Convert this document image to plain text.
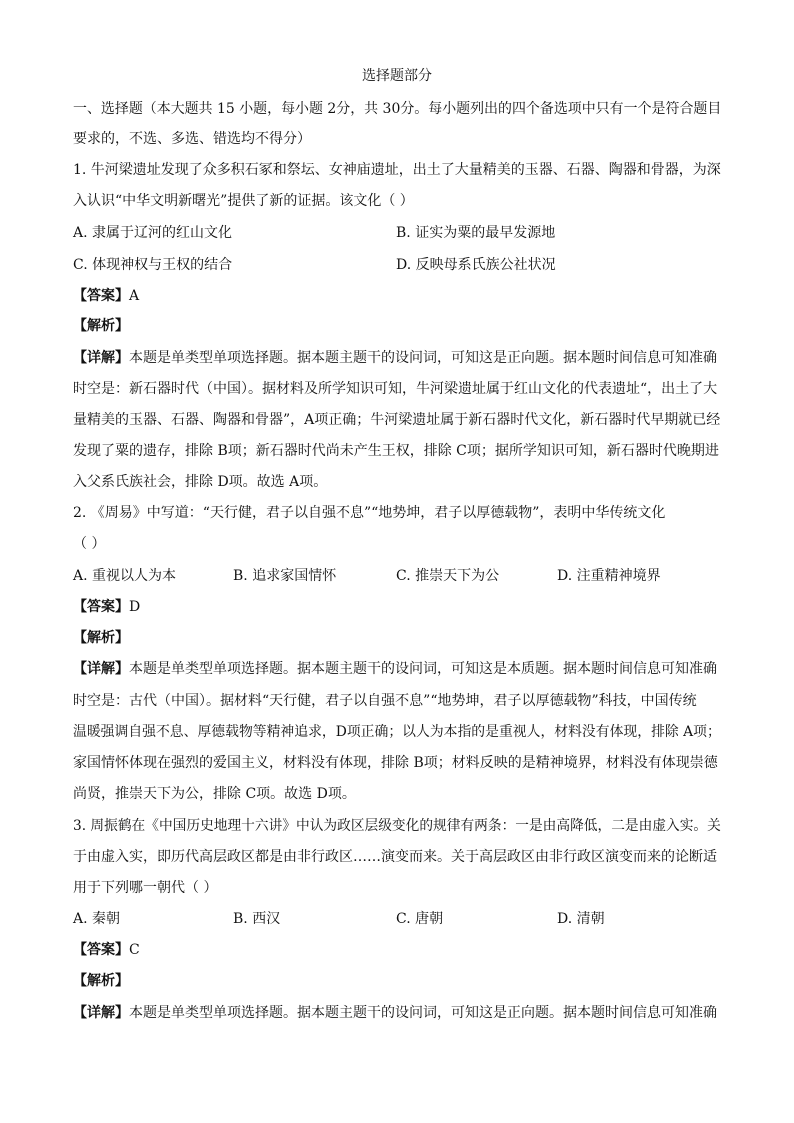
选择题部分
一、选择题（本大题共 15 小题，每小题 2分，共 30分。每小题列出的四个备选项中只有一个是符合题目
要求的，不选、多选、错选均不得分）
1. 牛河梁遗址发现了众多积石冢和祭坛、女神庙遗址，出土了大量精美的玉器、石器、陶器和骨器，为深
入认识“中华文明新曙光”提供了新的证据。该文化（ ）
A. 隶属于辽河的红山文化	B. 证实为粟的最早发源地
C. 体现神权与王权的结合	D. 反映母系氏族公社状况
【答案】A
【解析】
【详解】本题是单类型单项选择题。据本题主题干的设问词，可知这是正向题。据本题时间信息可知准确
时空是：新石器时代（中国）。据材料及所学知识可知，牛河梁遗址属于红山文化的代表遗址“，出土了大
量精美的玉器、石器、陶器和骨器”，A项正确；牛河梁遗址属于新石器时代文化，新石器时代早期就已经
发现了粟的遗存，排除 B项；新石器时代尚未产生王权，排除 C项；据所学知识可知，新石器时代晚期进
入父系氏族社会，排除 D项。故选 A项。
2. 《周易》中写道：“天行健，君子以自强不息”“地势坤，君子以厚德载物”，表明中华传统文化
（ ）
A. 重视以人为本	B. 追求家国情怀	C. 推崇天下为公	D. 注重精神境界
【答案】D
【解析】
【详解】本题是单类型单项选择题。据本题主题干的设问词，可知这是本质题。据本题时间信息可知准确
时空是：古代（中国）。据材料“天行健，君子以自强不息”“地势坤，君子以厚德载物”科技，中国传统
温暖强调自强不息、厚德载物等精神追求，D项正确；以人为本指的是重视人，材料没有体现，排除 A项；
家国情怀体现在强烈的爱国主义，材料没有体现，排除 B项；材料反映的是精神境界，材料没有体现崇德
尚贤，推崇天下为公，排除 C项。故选 D项。
3. 周振鹤在《中国历史地理十六讲》中认为政区层级变化的规律有两条：一是由高降低，二是由虚入实。关
于由虚入实，即历代高层政区都是由非行政区……演变而来。关于高层政区由非行政区演变而来的论断适
用于下列哪一朝代（ ）
A. 秦朝	B. 西汉	C. 唐朝	D. 清朝
【答案】C
【解析】
【详解】本题是单类型单项选择题。据本题主题干的设问词，可知这是正向题。据本题时间信息可知准确
